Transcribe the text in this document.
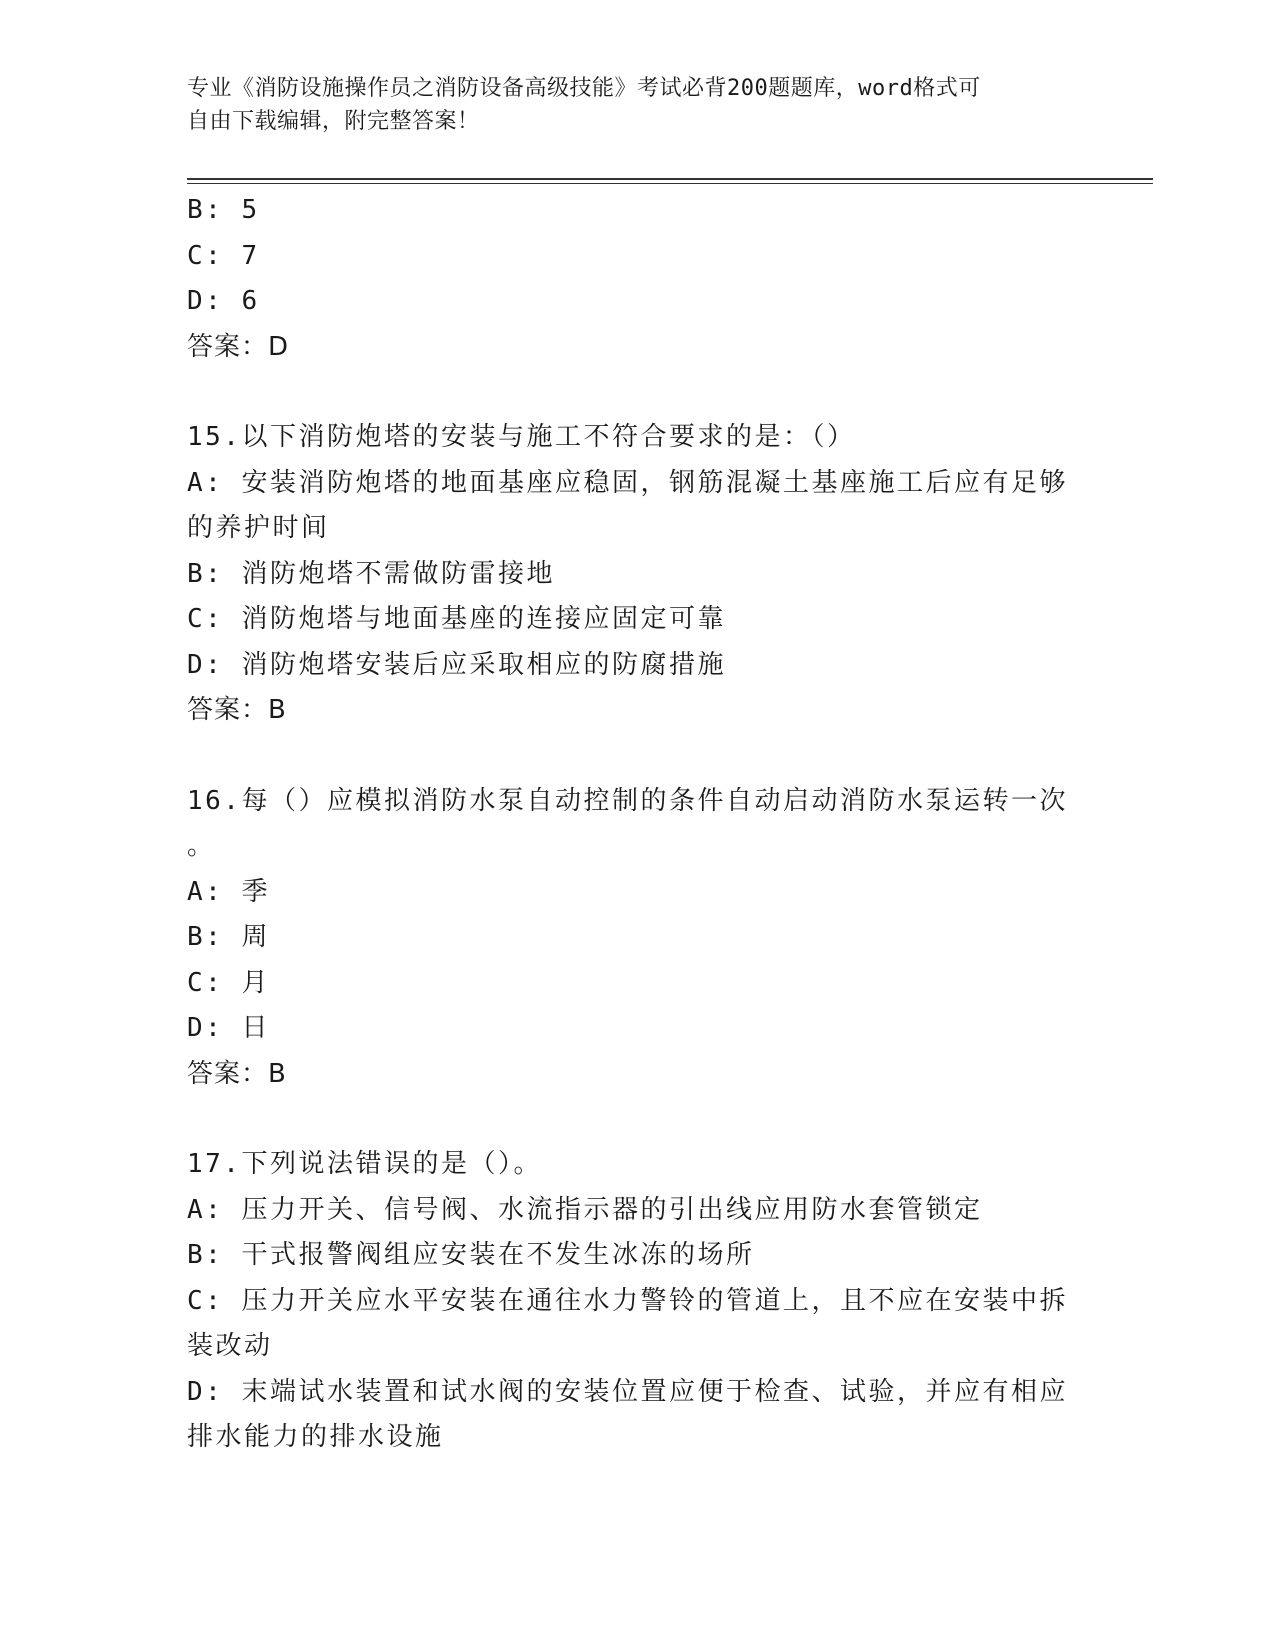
专业《消防设施操作员之消防设备高级技能》考试必背200题题库，word格式可
自由下载编辑，附完整答案！
B: 5
C: 7
D: 6
答案：D
15.以下消防炮塔的安装与施工不符合要求的是：（）
A: 安装消防炮塔的地面基座应稳固，钢筋混凝土基座施工后应有足够
的养护时间
B: 消防炮塔不需做防雷接地
C: 消防炮塔与地面基座的连接应固定可靠
D: 消防炮塔安装后应采取相应的防腐措施
答案：B
16.每（）应模拟消防水泵自动控制的条件自动启动消防水泵运转一次
。
A: 季
B: 周
C: 月
D: 日
答案：B
17.下列说法错误的是（）。
A: 压力开关、信号阀、水流指示器的引出线应用防水套管锁定
B: 干式报警阀组应安装在不发生冰冻的场所
C: 压力开关应水平安装在通往水力警铃的管道上，且不应在安装中拆
装改动
D: 末端试水装置和试水阀的安装位置应便于检查、试验，并应有相应
排水能力的排水设施
